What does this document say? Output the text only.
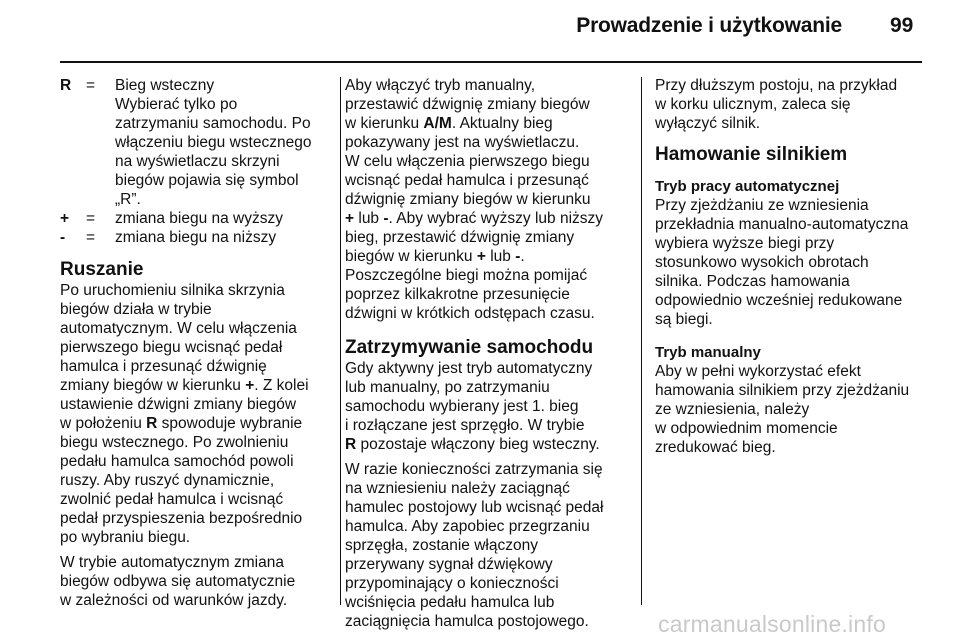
Prowadzenie i użytkowanie 99
R =	Bieg wsteczny

Wybierać tylko po
zatrzymaniu samochodu. Po
włączeniu biegu wstecznego
na wyświetlaczu skrzyni
biegów pojawia się symbol
„R”.

+	=	zmiana biegu na wyższy
-	=	zmiana biegu na niższy
Ruszanie

Po uruchomieniu silnika skrzynia
biegów działa w trybie
automatycznym. W celu włączenia
pierwszego biegu wcisnąć pedał
hamulca i przesunąć dźwignię
zmiany biegów w kierunku +. Z kolei
ustawienie dźwigni zmiany biegów
w położeniu R spowoduje wybranie
biegu wstecznego. Po zwolnieniu
pedału hamulca samochód powoli
ruszy. Aby ruszyć dynamicznie,
zwolnić pedał hamulca i wcisnąć
pedał przyspieszenia bezpośrednio
po wybraniu biegu.

W trybie automatycznym zmiana
biegów odbywa się automatycznie
w zależności od warunków jazdy.

Aby włączyć tryb manualny,
przestawić dźwignię zmiany biegów
w kierunku A/M. Aktualny bieg
pokazywany jest na wyświetlaczu.
W celu włączenia pierwszego biegu
wcisnąć pedał hamulca i przesunąć
dźwignię zmiany biegów w kierunku
+ lub -. Aby wybrać wyższy lub niższy
bieg, przestawić dźwignię zmiany
biegów w kierunku + lub -.
Poszczególne biegi można pomijać
poprzez kilkakrotne przesunięcie
dźwigni w krótkich odstępach czasu.

Zatrzymywanie samochodu

Gdy aktywny jest tryb automatyczny
lub manualny, po zatrzymaniu
samochodu wybierany jest 1. bieg
i rozłączane jest sprzęgło. W trybie
R pozostaje włączony bieg wsteczny.

W razie konieczności zatrzymania się
na wzniesieniu należy zaciągnąć
hamulec postojowy lub wcisnąć pedał
hamulca. Aby zapobiec przegrzaniu
sprzęgła, zostanie włączony
przerywany sygnał dźwiękowy
przypominający o konieczności
wciśnięcia pedału hamulca lub
zaciągnięcia hamulca postojowego.

Przy dłuższym postoju, na przykład
w korku ulicznym, zaleca się
wyłączyć silnik.

Hamowanie silnikiem
Tryb pracy automatycznej

Przy zjeżdżaniu ze wzniesienia
przekładnia manualno-automatyczna
wybiera wyższe biegi przy
stosunkowo wysokich obrotach
silnika. Podczas hamowania
odpowiednio wcześniej redukowane
są biegi.

Tryb manualny

Aby w pełni wykorzystać efekt
hamowania silnikiem przy zjeżdżaniu
ze wzniesienia, należy
w odpowiednim momencie
zredukować bieg.

carmanualsonline.info
